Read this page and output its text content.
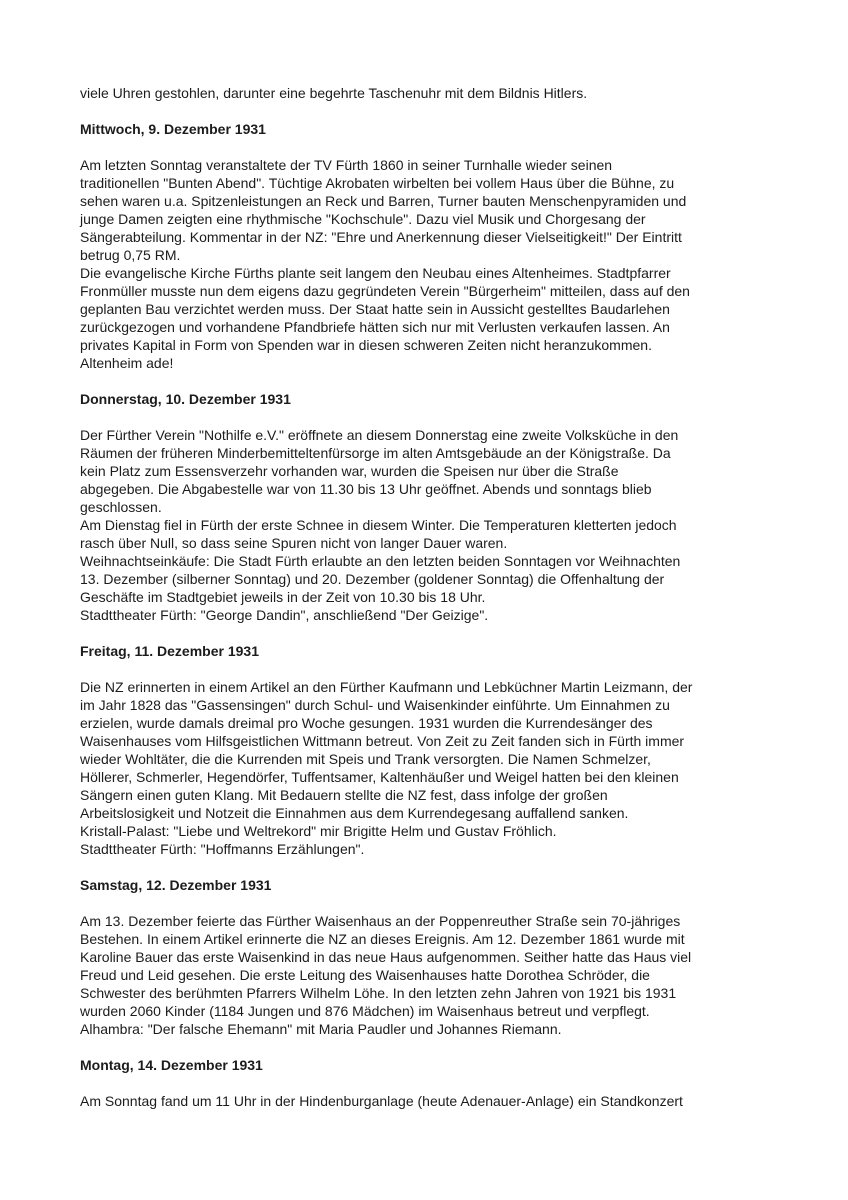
viele Uhren gestohlen, darunter eine begehrte Taschenuhr mit dem Bildnis Hitlers.

Mittwoch, 9. Dezember 1931

Am letzten Sonntag veranstaltete der TV Fürth 1860 in seiner Turnhalle wieder seinen
traditionellen "Bunten Abend". Tüchtige Akrobaten wirbelten bei vollem Haus über die Bühne, zu
sehen waren u.a. Spitzenleistungen an Reck und Barren, Turner bauten Menschenpyramiden und
junge Damen zeigten eine rhythmische "Kochschule". Dazu viel Musik und Chorgesang der
Sängerabteilung. Kommentar in der NZ: "Ehre und Anerkennung dieser Vielseitigkeit!" Der Eintritt
betrug 0,75 RM.
Die evangelische Kirche Fürths plante seit langem den Neubau eines Altenheimes. Stadtpfarrer
Fronmüller musste nun dem eigens dazu gegründeten Verein "Bürgerheim" mitteilen, dass auf den
geplanten Bau verzichtet werden muss. Der Staat hatte sein in Aussicht gestelltes Baudarlehen
zurückgezogen und vorhandene Pfandbriefe hätten sich nur mit Verlusten verkaufen lassen. An
privates Kapital in Form von Spenden war in diesen schweren Zeiten nicht heranzukommen.
Altenheim ade!

Donnerstag, 10. Dezember 1931

Der Fürther Verein "Nothilfe e.V." eröffnete an diesem Donnerstag eine zweite Volksküche in den
Räumen der früheren Minderbemitteltenfürsorge im alten Amtsgebäude an der Königstraße. Da
kein Platz zum Essensverzehr vorhanden war, wurden die Speisen nur über die Straße
abgegeben. Die Abgabestelle war von 11.30 bis 13 Uhr geöffnet. Abends und sonntags blieb
geschlossen.
Am Dienstag fiel in Fürth der erste Schnee in diesem Winter. Die Temperaturen kletterten jedoch
rasch über Null, so dass seine Spuren nicht von langer Dauer waren.
Weihnachtseinkäufe: Die Stadt Fürth erlaubte an den letzten beiden Sonntagen vor Weihnachten
13. Dezember (silberner Sonntag) und 20. Dezember (goldener Sonntag) die Offenhaltung der
Geschäfte im Stadtgebiet jeweils in der Zeit von 10.30 bis 18 Uhr.
Stadttheater Fürth: "George Dandin", anschließend "Der Geizige".

Freitag, 11. Dezember 1931

Die NZ erinnerten in einem Artikel an den Fürther Kaufmann und Lebküchner Martin Leizmann, der
im Jahr 1828 das "Gassensingen" durch Schul- und Waisenkinder einführte. Um Einnahmen zu
erzielen, wurde damals dreimal pro Woche gesungen. 1931 wurden die Kurrendesänger des
Waisenhauses vom Hilfsgeistlichen Wittmann betreut. Von Zeit zu Zeit fanden sich in Fürth immer
wieder Wohltäter, die die Kurrenden mit Speis und Trank versorgten. Die Namen Schmelzer,
Höllerer, Schmerler, Hegendörfer, Tuffentsamer, Kaltenhäußer und Weigel hatten bei den kleinen
Sängern einen guten Klang. Mit Bedauern stellte die NZ fest, dass infolge der großen
Arbeitslosigkeit und Notzeit die Einnahmen aus dem Kurrendegesang auffallend sanken.
Kristall-Palast: "Liebe und Weltrekord" mir Brigitte Helm und Gustav Fröhlich.
Stadttheater Fürth: "Hoffmanns Erzählungen".

Samstag, 12. Dezember 1931

Am 13. Dezember feierte das Fürther Waisenhaus an der Poppenreuther Straße sein 70-jähriges
Bestehen. In einem Artikel erinnerte die NZ an dieses Ereignis. Am 12. Dezember 1861 wurde mit
Karoline Bauer das erste Waisenkind in das neue Haus aufgenommen. Seither hatte das Haus viel
Freud und Leid gesehen. Die erste Leitung des Waisenhauses hatte Dorothea Schröder, die
Schwester des berühmten Pfarrers Wilhelm Löhe. In den letzten zehn Jahren von 1921 bis 1931
wurden 2060 Kinder (1184 Jungen und 876 Mädchen) im Waisenhaus betreut und verpflegt.
Alhambra: "Der falsche Ehemann" mit Maria Paudler und Johannes Riemann.

Montag, 14. Dezember 1931

Am Sonntag fand um 11 Uhr in der Hindenburganlage (heute Adenauer-Anlage) ein Standkonzert
